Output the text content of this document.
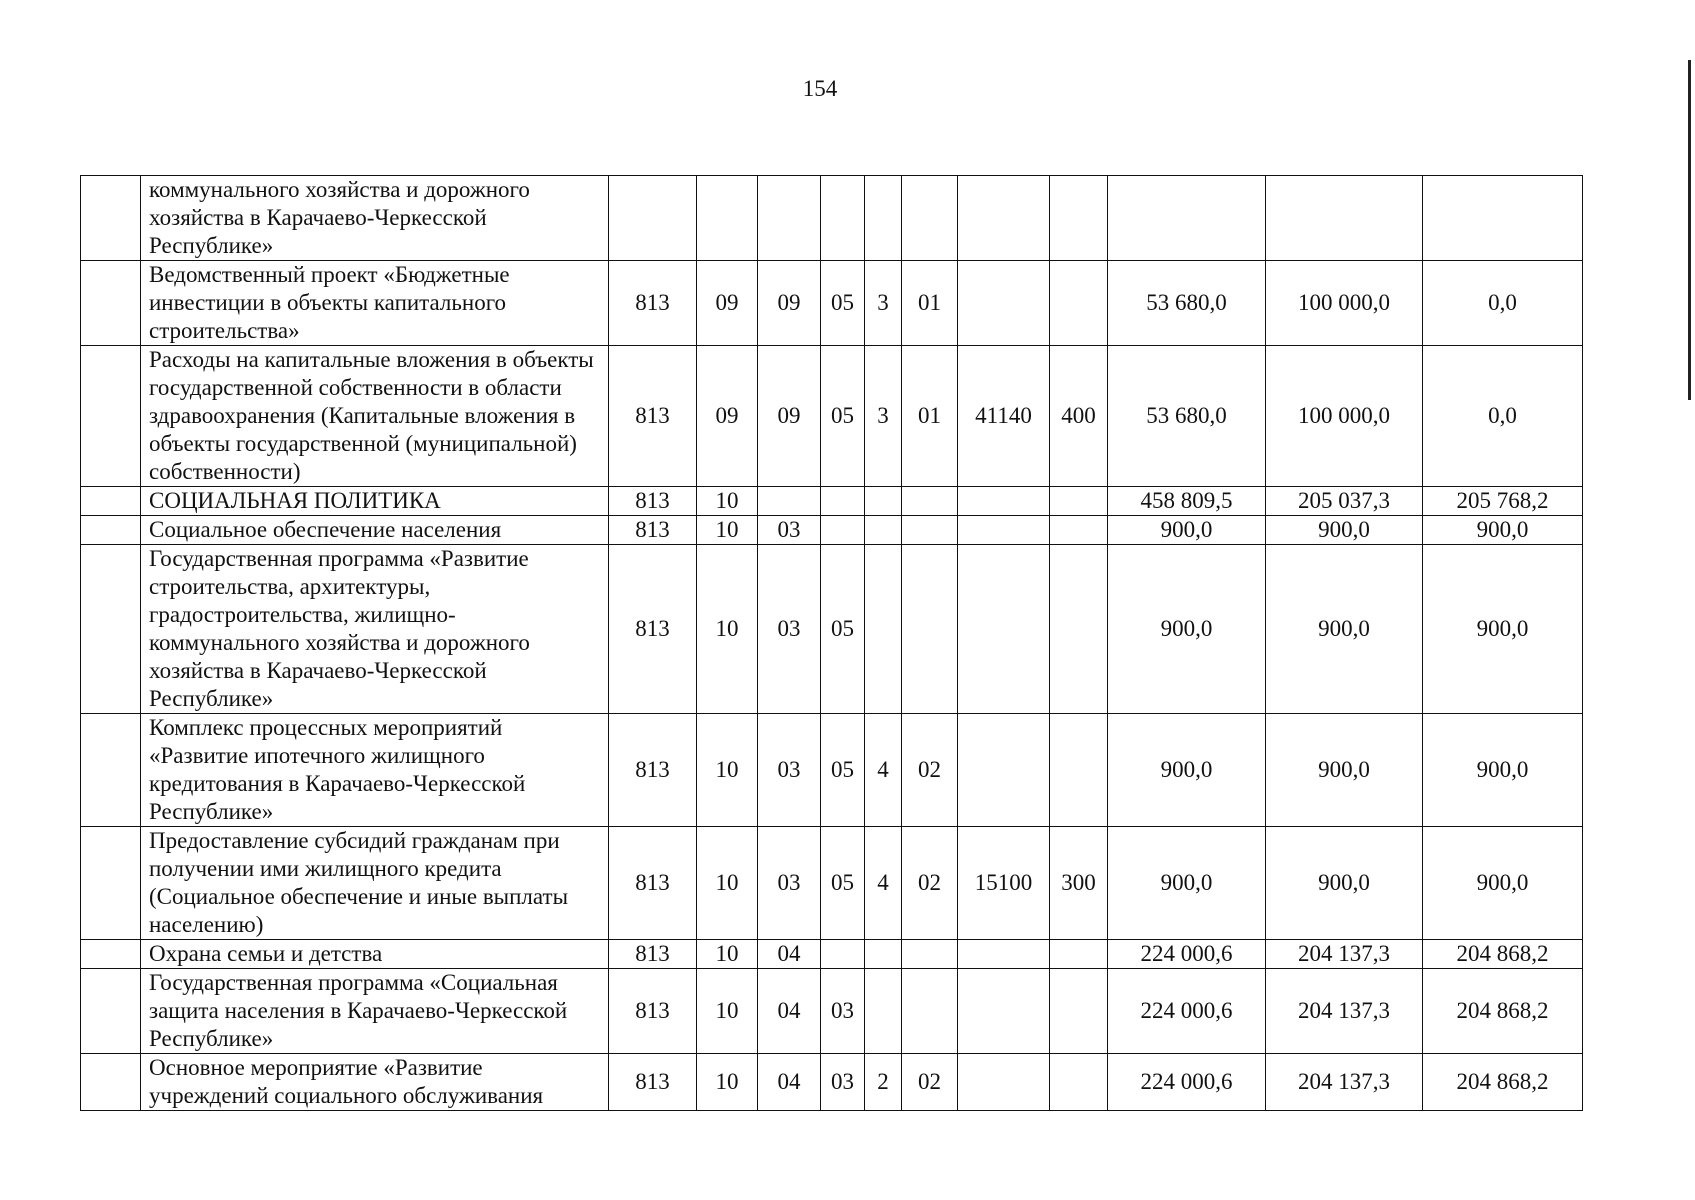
154
	коммунального хозяйства и дорожного хозяйства в Карачаево-Черкесской Республике»											
	Ведомственный проект «Бюджетные инвестиции в объекты капитального строительства»	813	09	09	05	3	01			53 680,0	100 000,0	0,0
	Расходы на капитальные вложения в объекты государственной собственности в области здравоохранения (Капитальные вложения в объекты государственной (муниципальной) собственности)	813	09	09	05	3	01	41140	400	53 680,0	100 000,0	0,0
	СОЦИАЛЬНАЯ ПОЛИТИКА	813	10							458 809,5	205 037,3	205 768,2
	Социальное обеспечение населения	813	10	03						900,0	900,0	900,0
	Государственная программа «Развитие строительства, архитектуры, градостроительства, жилищно-коммунального хозяйства и дорожного хозяйства в Карачаево-Черкесской Республике»	813	10	03	05					900,0	900,0	900,0
	Комплекс процессных мероприятий «Развитие ипотечного жилищного кредитования в Карачаево-Черкесской Республике»	813	10	03	05	4	02			900,0	900,0	900,0
	Предоставление субсидий гражданам при получении ими жилищного кредита (Социальное обеспечение и иные выплаты населению)	813	10	03	05	4	02	15100	300	900,0	900,0	900,0
	Охрана семьи и детства	813	10	04						224 000,6	204 137,3	204 868,2
	Государственная программа «Социальная защита населения в Карачаево-Черкесской Республике»	813	10	04	03					224 000,6	204 137,3	204 868,2
	Основное мероприятие «Развитие учреждений социального обслуживания	813	10	04	03	2	02			224 000,6	204 137,3	204 868,2
